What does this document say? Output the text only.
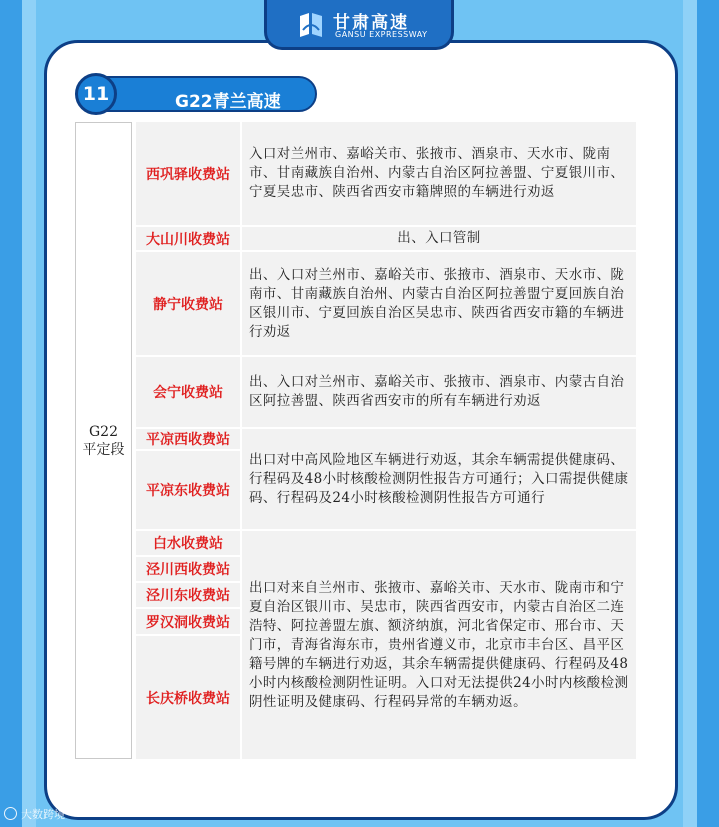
甘肃高速
GANSU EXPRESSWAY
G22青兰高速
11
G22
平定段
西巩驿收费站
大山川收费站
静宁收费站
会宁收费站
平凉西收费站
平凉东收费站
白水收费站
泾川西收费站
泾川东收费站
罗汉洞收费站
长庆桥收费站
入口对兰州市、嘉峪关市、张掖市、酒泉市、天水市、陇南市、甘南藏族自治州、内蒙古自治区阿拉善盟、宁夏银川市、宁夏吴忠市、陕西省西安市籍牌照的车辆进行劝返
出、入口管制
出、入口对兰州市、嘉峪关市、张掖市、酒泉市、天水市、陇南市、甘南藏族自治州、内蒙古自治区阿拉善盟宁夏回族自治区银川市、宁夏回族自治区吴忠市、陕西省西安市籍的车辆进行劝返
出、入口对兰州市、嘉峪关市、张掖市、酒泉市、内蒙古自治区阿拉善盟、陕西省西安市的所有车辆进行劝返
出口对中高风险地区车辆进行劝返，其余车辆需提供健康码、行程码及48小时核酸检测阴性报告方可通行；入口需提供健康码、行程码及24小时核酸检测阴性报告方可通行
出口对来自兰州市、张掖市、嘉峪关市、天水市、陇南市和宁夏自治区银川市、吴忠市，陕西省西安市，内蒙古自治区二连浩特、阿拉善盟左旗、额济纳旗，河北省保定市、邢台市、天门市，青海省海东市，贵州省遵义市，北京市丰台区、昌平区籍号牌的车辆进行劝返，其余车辆需提供健康码、行程码及48小时内核酸检测阴性证明。入口对无法提供24小时内核酸检测阴性证明及健康码、行程码异常的车辆劝返。
大数跨境
